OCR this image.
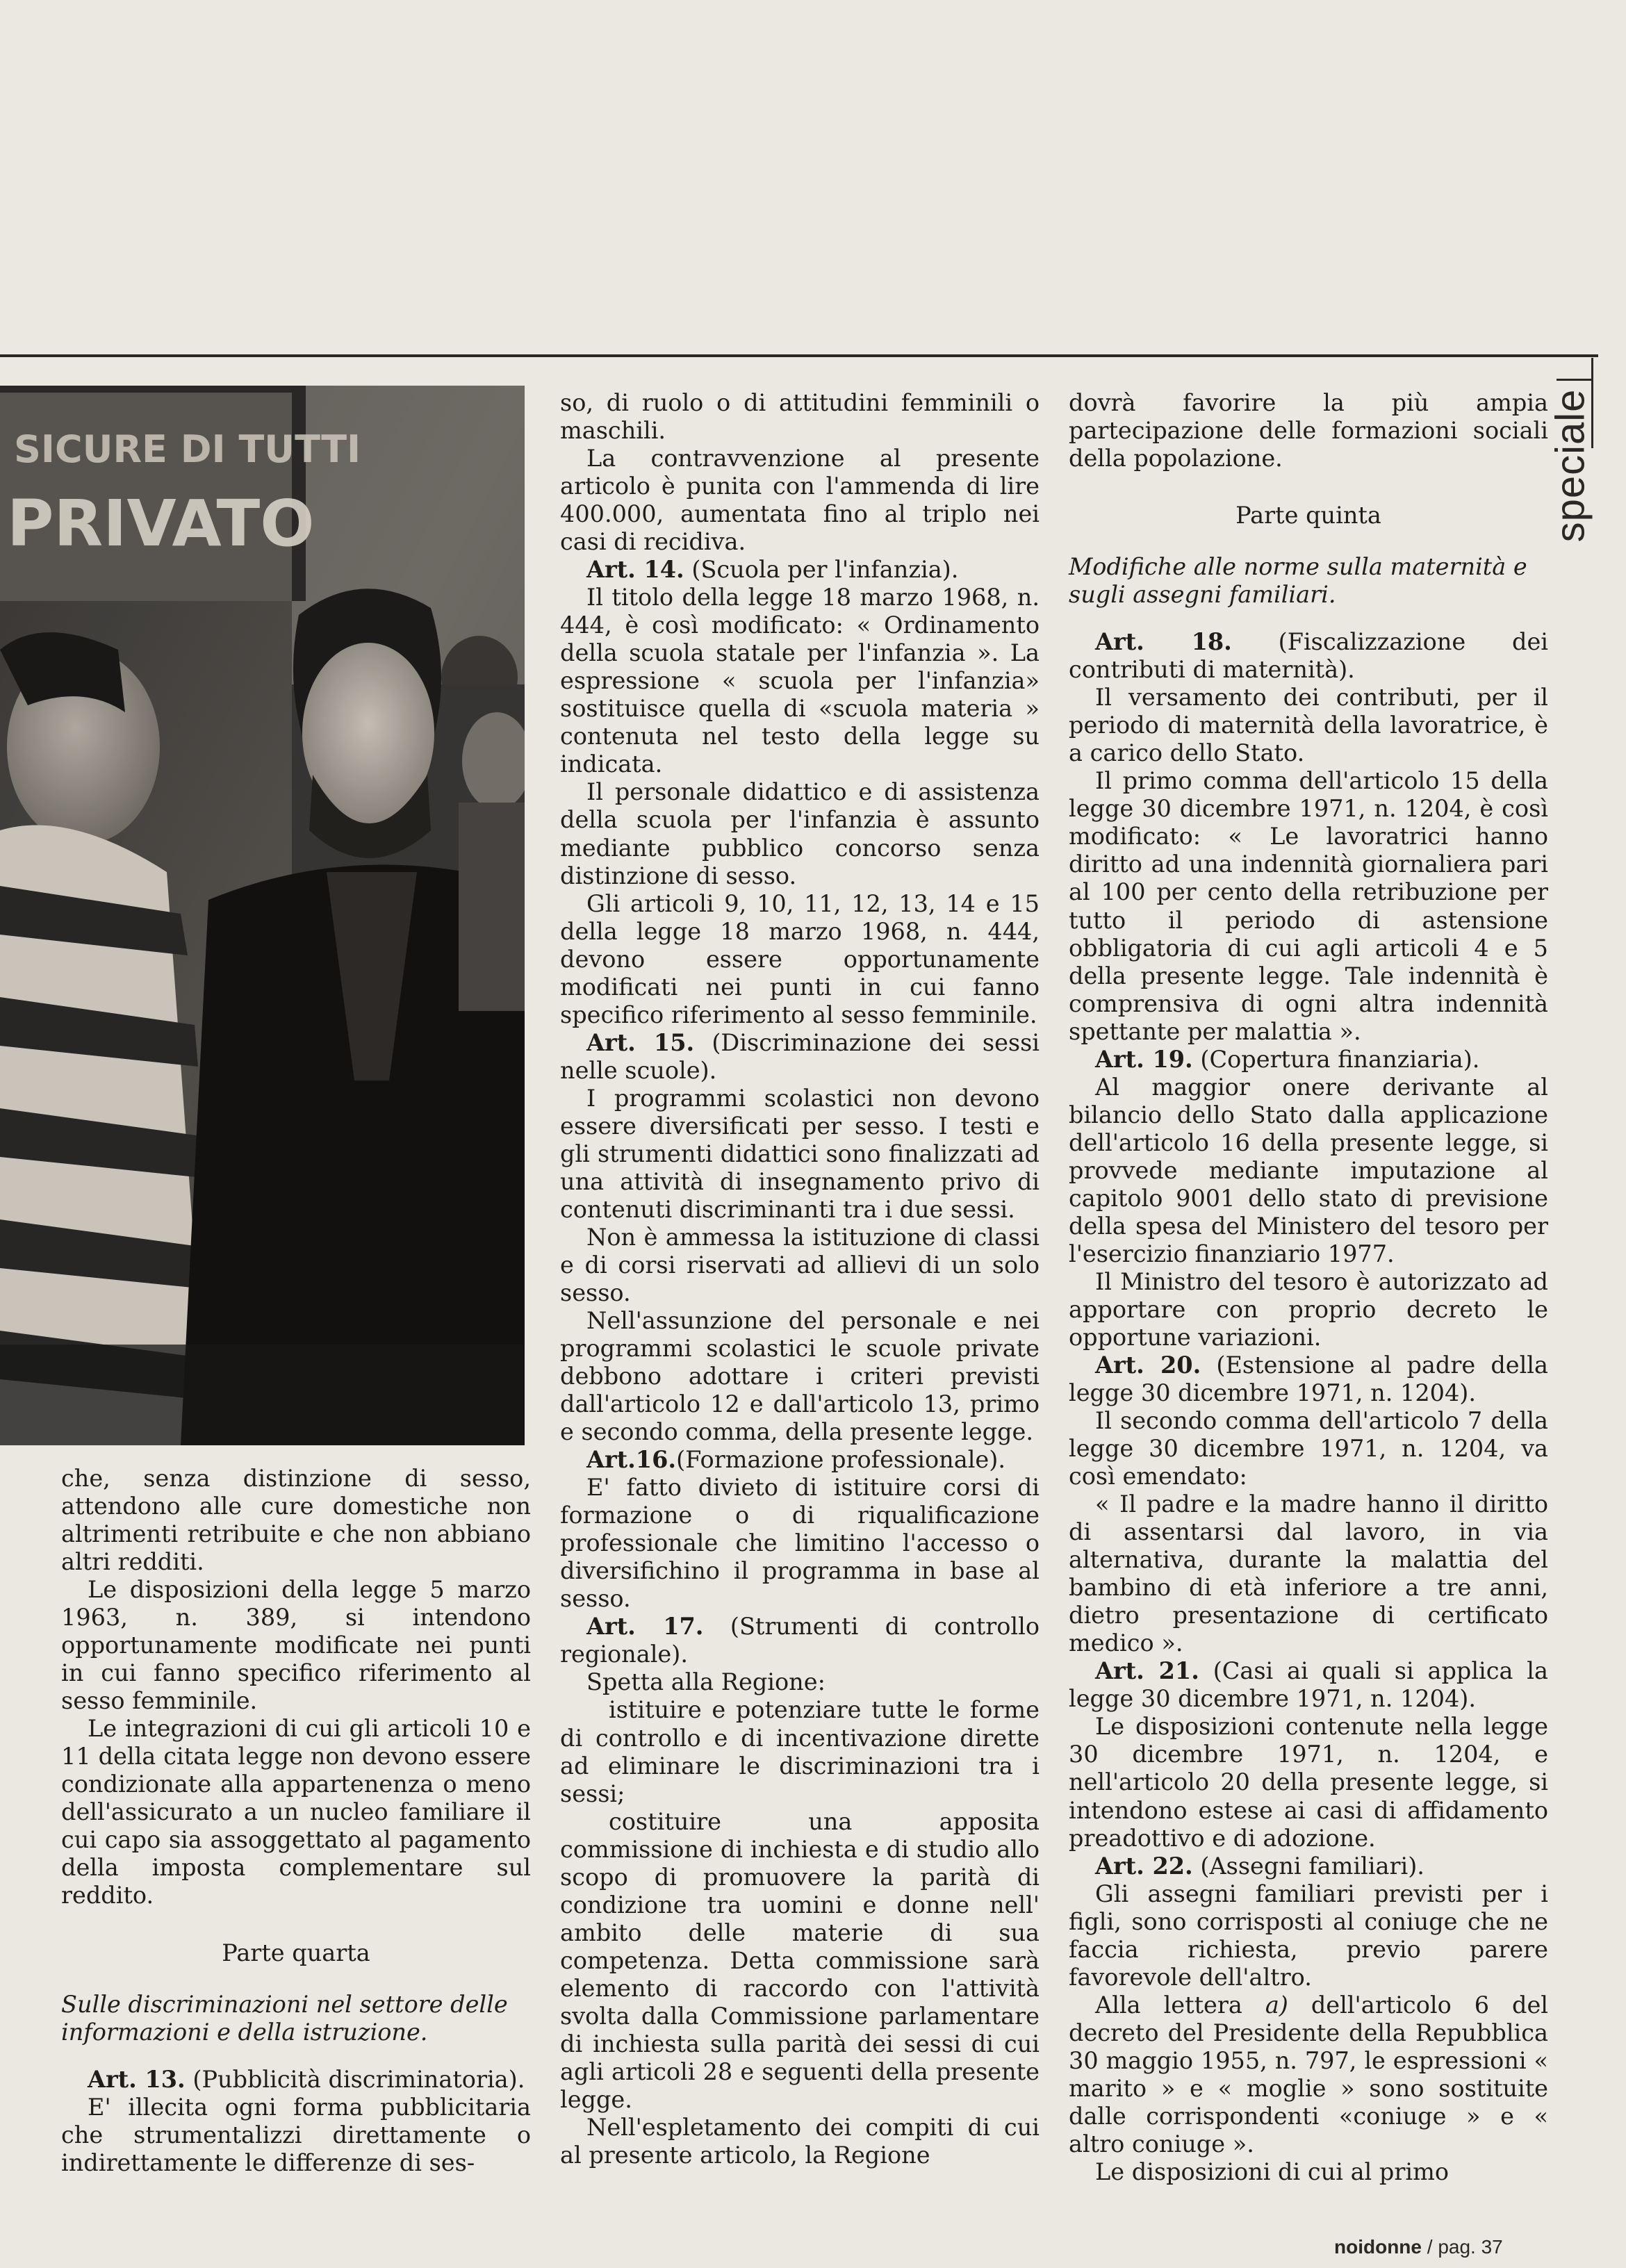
speciale
SICURE DI TUTTI
PRIVATO

che, senza distinzione di sesso, attendono alle cure domestiche non altrimenti retribuite e che non abbiano altri redditi.

Le disposizioni della legge 5 marzo 1963, n. 389, si intendono opportunamente modificate nei punti in cui fanno specifico riferimento al sesso femminile.

Le integrazioni di cui gli articoli 10 e 11 della citata legge non devono essere condizionate alla appartenenza o meno dell'assicurato a un nucleo familiare il cui capo sia assoggettato al pagamento della imposta complementare sul reddito.

Parte quarta

Sulle discriminazioni nel settore delle informazioni e della istruzione.

Art. 13. (Pubblicità discriminatoria).

E' illecita ogni forma pubblicitaria che strumentalizzi direttamente o indirettamente le differenze di ses-

so, di ruolo o di attitudini femminili o maschili.

La contravvenzione al presente articolo è punita con l'ammenda di lire 400.000, aumentata fino al triplo nei casi di recidiva.

Art. 14. (Scuola per l'infanzia).

Il titolo della legge 18 marzo 1968, n. 444, è così modificato: « Ordinamento della scuola statale per l'infanzia ». La espressione « scuola per l'infanzia» sostituisce quella di «scuola materia » contenuta nel testo della legge su indicata.

Il personale didattico e di assistenza della scuola per l'infanzia è assunto mediante pubblico concorso senza distinzione di sesso.

Gli articoli 9, 10, 11, 12, 13, 14 e 15 della legge 18 marzo 1968, n. 444, devono essere opportunamente modificati nei punti in cui fanno specifico riferimento al sesso femminile.

Art. 15. (Discriminazione dei sessi nelle scuole).

I programmi scolastici non devono essere diversificati per sesso. I testi e gli strumenti didattici sono finalizzati ad una attività di insegnamento privo di contenuti discriminanti tra i due sessi.

Non è ammessa la istituzione di classi e di corsi riservati ad allievi di un solo sesso.

Nell'assunzione del personale e nei programmi scolastici le scuole private debbono adottare i criteri previsti dall'articolo 12 e dall'articolo 13, primo e secondo comma, della presente legge.

Art.16.(Formazione professionale).

E' fatto divieto di istituire corsi di formazione o di riqualificazione professionale che limitino l'accesso o diversifichino il programma in base al sesso.

Art. 17. (Strumenti di controllo regionale).

Spetta alla Regione:

istituire e potenziare tutte le forme di controllo e di incentivazione dirette ad eliminare le discriminazioni tra i sessi;

costituire una apposita commissione di inchiesta e di studio allo scopo di promuovere la parità di condizione tra uomini e donne nell' ambito delle materie di sua competenza. Detta commissione sarà elemento di raccordo con l'attività svolta dalla Commissione parlamentare di inchiesta sulla parità dei sessi di cui agli articoli 28 e seguenti della presente legge.

Nell'espletamento dei compiti di cui al presente articolo, la Regione

dovrà favorire la più ampia partecipazione delle formazioni sociali della popolazione.

Parte quinta

Modifiche alle norme sulla maternità e sugli assegni familiari.

Art. 18. (Fiscalizzazione dei contributi di maternità).

Il versamento dei contributi, per il periodo di maternità della lavoratrice, è a carico dello Stato.

Il primo comma dell'articolo 15 della legge 30 dicembre 1971, n. 1204, è così modificato: « Le lavoratrici hanno diritto ad una indennità giornaliera pari al 100 per cento della retribuzione per tutto il periodo di astensione obbligatoria di cui agli articoli 4 e 5 della presente legge. Tale indennità è comprensiva di ogni altra indennità spettante per malattia ».

Art. 19. (Copertura finanziaria).

Al maggior onere derivante al bilancio dello Stato dalla applicazione dell'articolo 16 della presente legge, si provvede mediante imputazione al capitolo 9001 dello stato di previsione della spesa del Ministero del tesoro per l'esercizio finanziario 1977.

Il Ministro del tesoro è autorizzato ad apportare con proprio decreto le opportune variazioni.

Art. 20. (Estensione al padre della legge 30 dicembre 1971, n. 1204).

Il secondo comma dell'articolo 7 della legge 30 dicembre 1971, n. 1204, va così emendato:

« Il padre e la madre hanno il diritto di assentarsi dal lavoro, in via alternativa, durante la malattia del bambino di età inferiore a tre anni, dietro presentazione di certificato medico ».

Art. 21. (Casi ai quali si applica la legge 30 dicembre 1971, n. 1204).

Le disposizioni contenute nella legge 30 dicembre 1971, n. 1204, e nell'articolo 20 della presente legge, si intendono estese ai casi di affidamento preadottivo e di adozione.

Art. 22. (Assegni familiari).

Gli assegni familiari previsti per i figli, sono corrisposti al coniuge che ne faccia richiesta, previo parere favorevole dell'altro.

Alla lettera a) dell'articolo 6 del decreto del Presidente della Repubblica 30 maggio 1955, n. 797, le espressioni « marito » e « moglie » sono sostituite dalle corrispondenti «coniuge » e « altro coniuge ».

Le disposizioni di cui al primo

noidonne / pag. 37
